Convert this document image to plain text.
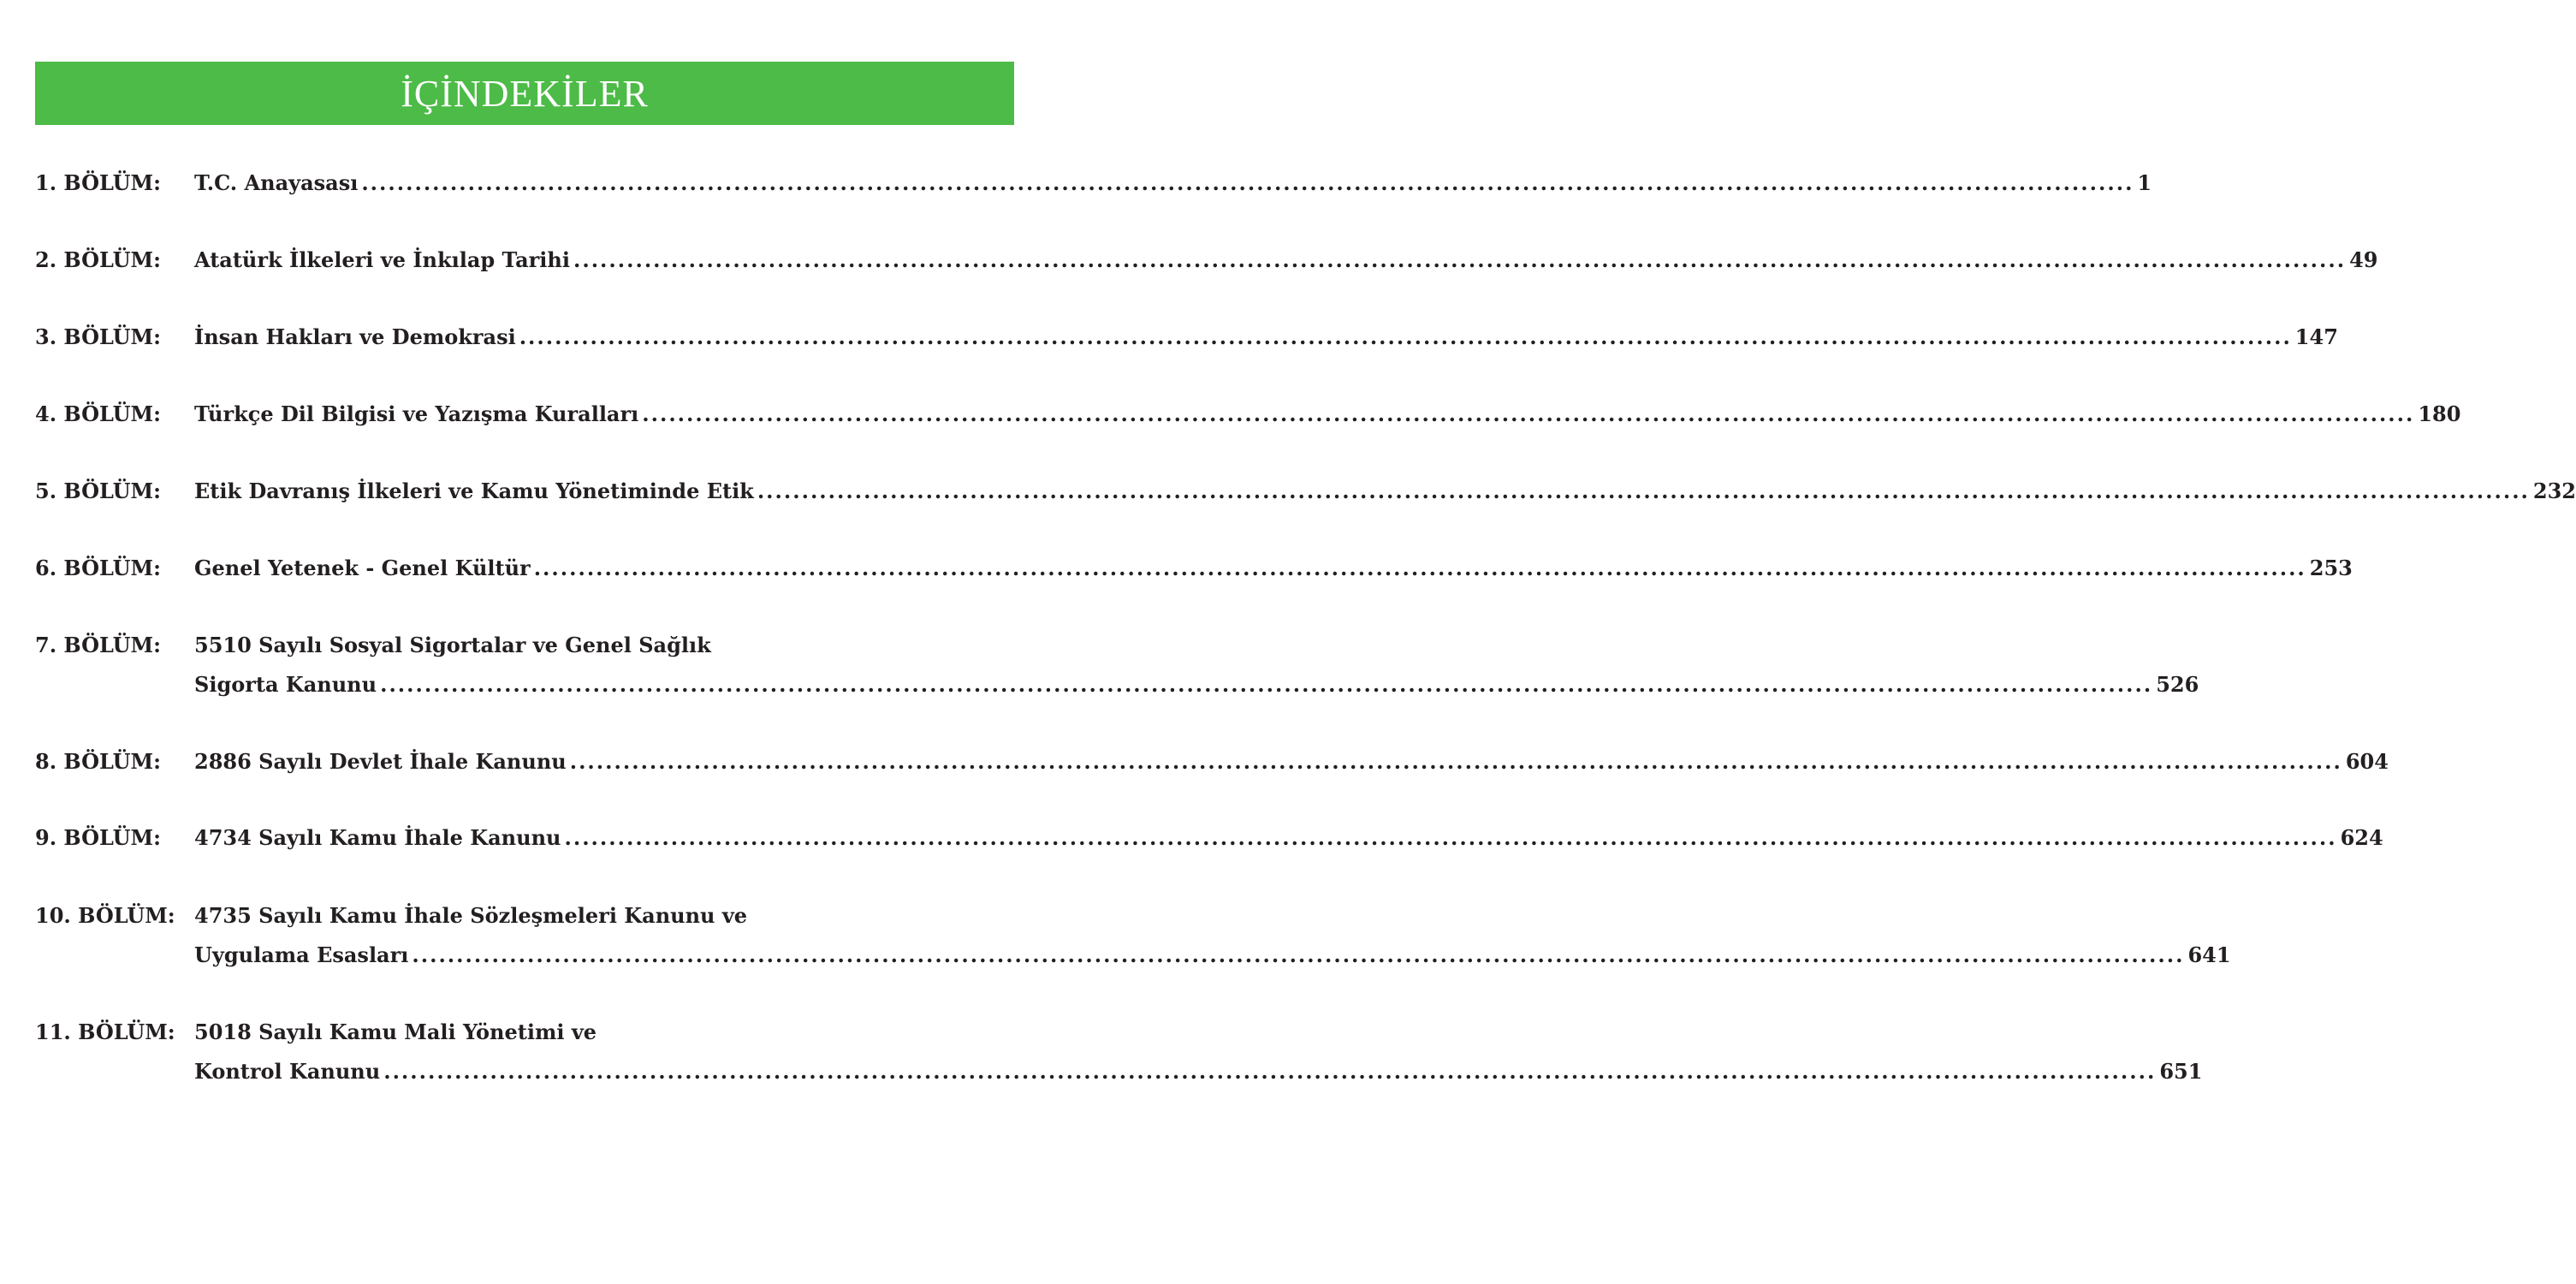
İÇİNDEKİLER
1. BÖLÜM:	T.C. Anayasası ........................................................................................................................................................................................................ 1
2. BÖLÜM:	Atatürk İlkeleri ve İnkılap Tarihi ........................................................................................................................................................................................................ 49
3. BÖLÜM:	İnsan Hakları ve Demokrasi ........................................................................................................................................................................................................ 147
4. BÖLÜM:	Türkçe Dil Bilgisi ve Yazışma Kuralları ........................................................................................................................................................................................................ 180
5. BÖLÜM:	Etik Davranış İlkeleri ve Kamu Yönetiminde Etik ........................................................................................................................................................................................................ 232
6. BÖLÜM:	Genel Yetenek - Genel Kültür ........................................................................................................................................................................................................ 253
7. BÖLÜM:	5510 Sayılı Sosyal Sigortalar ve Genel Sağlık
Sigorta Kanunu ........................................................................................................................................................................................................ 526
8. BÖLÜM:	2886 Sayılı Devlet İhale Kanunu ........................................................................................................................................................................................................ 604
9. BÖLÜM:	4734 Sayılı Kamu İhale Kanunu ........................................................................................................................................................................................................ 624
10. BÖLÜM: 4735 Sayılı Kamu İhale Sözleşmeleri Kanunu ve
Uygulama Esasları ........................................................................................................................................................................................................ 641
11. BÖLÜM: 5018 Sayılı Kamu Mali Yönetimi ve
Kontrol Kanunu ........................................................................................................................................................................................................ 651
